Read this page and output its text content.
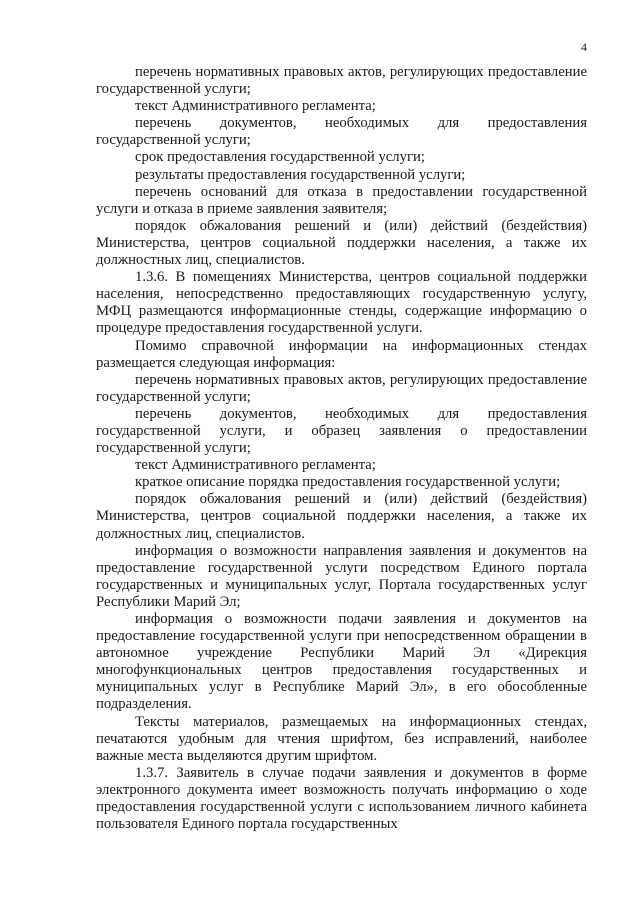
4

перечень нормативных правовых актов, регулирующих предоставление государственной услуги;

текст Административного регламента;

перечень документов, необходимых для предоставления государственной услуги;

срок предоставления государственной услуги;

результаты предоставления государственной услуги;

перечень оснований для отказа в предоставлении государственной услуги и отказа в приеме заявления заявителя;

порядок обжалования решений и (или) действий (бездействия) Министерства, центров социальной поддержки населения, а также их должностных лиц, специалистов.

1.3.6. В помещениях Министерства, центров социальной поддержки населения, непосредственно предоставляющих государственную услугу, МФЦ размещаются информационные стенды, содержащие информацию о процедуре предоставления государственной услуги.

Помимо справочной информации на информационных стендах размещается следующая информация:

перечень нормативных правовых актов, регулирующих предоставление государственной услуги;

перечень документов, необходимых для предоставления государственной услуги, и образец заявления о предоставлении государственной услуги;

текст Административного регламента;

краткое описание порядка предоставления государственной услуги;

порядок обжалования решений и (или) действий (бездействия) Министерства, центров социальной поддержки населения, а также их должностных лиц, специалистов.

информация о возможности направления заявления и документов на предоставление государственной услуги посредством Единого портала государственных и муниципальных услуг, Портала государственных услуг Республики Марий Эл;

информация о возможности подачи заявления и документов на предоставление государственной услуги при непосредственном обращении в автономное учреждение Республики Марий Эл «Дирекция многофункциональных центров предоставления государственных и муниципальных услуг в Республике Марий Эл», в его обособленные подразделения.

Тексты материалов, размещаемых на информационных стендах, печатаются удобным для чтения шрифтом, без исправлений, наиболее важные места выделяются другим шрифтом.

1.3.7. Заявитель в случае подачи заявления и документов в форме электронного документа имеет возможность получать информацию о ходе предоставления государственной услуги с использованием личного кабинета пользователя Единого портала государственных
